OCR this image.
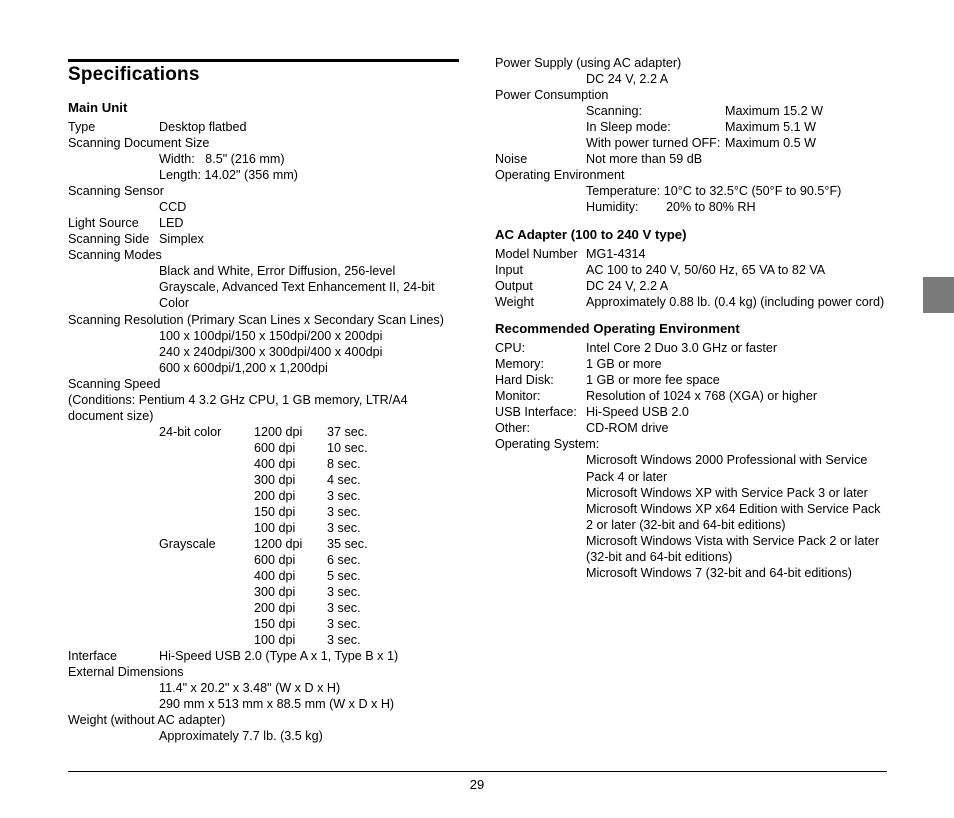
Specifications
Main Unit
Type	Desktop flatbed
Scanning Document Size
Width:   8.5" (216 mm)
Length: 14.02" (356 mm)
Scanning Sensor
CCD
Light Source LED
Scanning Side Simplex
Scanning Modes
Black and White, Error Diffusion, 256-level
Grayscale, Advanced Text Enhancement II, 24-bit
Color
Scanning Resolution (Primary Scan Lines x Secondary Scan Lines)
100 x 100dpi/150 x 150dpi/200 x 200dpi
240 x 240dpi/300 x 300dpi/400 x 400dpi
600 x 600dpi/1,200 x 1,200dpi
Scanning Speed
(Conditions: Pentium 4 3.2 GHz CPU, 1 GB memory, LTR/A4
document size)
24-bit color	1200 dpi 37 sec.
600 dpi	10 sec.
400 dpi	8 sec.
300 dpi	4 sec.
200 dpi	3 sec.
150 dpi	3 sec.
100 dpi	3 sec.
Grayscale	1200 dpi 35 sec.
600 dpi	6 sec.
400 dpi	5 sec.
300 dpi	3 sec.
200 dpi	3 sec.
150 dpi	3 sec.
100 dpi	3 sec.
Interface	Hi-Speed USB 2.0 (Type A x 1, Type B x 1)
External Dimensions
11.4" x 20.2" x 3.48" (W x D x H)
290 mm x 513 mm x 88.5 mm (W x D x H)
Weight (without AC adapter)
Approximately 7.7 lb. (3.5 kg)
Power Supply (using AC adapter)
DC 24 V, 2.2 A
Power Consumption
Scanning:	Maximum 15.2 W
In Sleep mode:	Maximum 5.1 W
With power turned OFF: Maximum 0.5 W
Noise	Not more than 59 dB
Operating Environment
Temperature: 10°C to 32.5°C (50°F to 90.5°F)
Humidity: 20% to 80% RH
AC Adapter (100 to 240 V type)
Model Number MG1-4314
Input	AC 100 to 240 V, 50/60 Hz, 65 VA to 82 VA
Output	DC 24 V, 2.2 A
Weight	Approximately 0.88 lb. (0.4 kg) (including power cord)
Recommended Operating Environment
CPU:	Intel Core 2 Duo 3.0 GHz or faster
Memory:	1 GB or more
Hard Disk:	1 GB or more fee space
Monitor:	Resolution of 1024 x 768 (XGA) or higher
USB Interface: Hi-Speed USB 2.0
Other:	CD-ROM drive
Operating System:
Microsoft Windows 2000 Professional with Service
Pack 4 or later
Microsoft Windows XP with Service Pack 3 or later
Microsoft Windows XP x64 Edition with Service Pack
2 or later (32-bit and 64-bit editions)
Microsoft Windows Vista with Service Pack 2 or later
(32-bit and 64-bit editions)
Microsoft Windows 7 (32-bit and 64-bit editions)
29
